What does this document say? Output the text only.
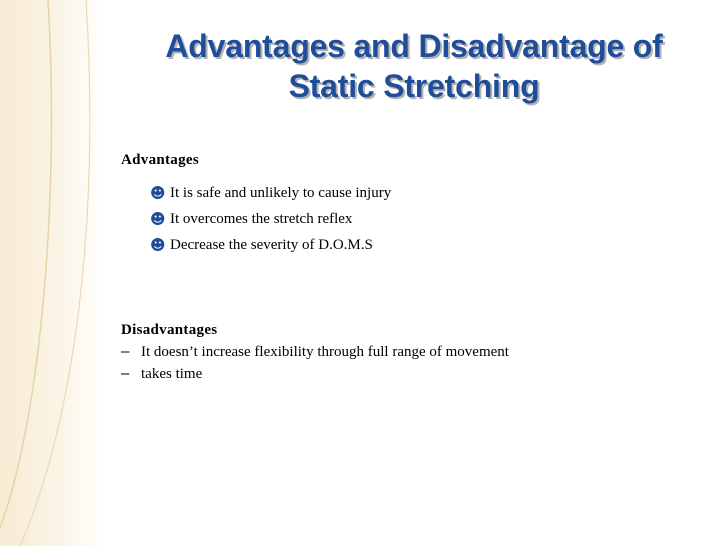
Advantages and Disadvantage of
Static Stretching
Advantages
☻ It is safe and unlikely to cause injury
☻ It overcomes the stretch reflex
☻ Decrease the severity of D.O.M.S
Disadvantages
– It doesn’t increase flexibility through full range of movement
– takes time
